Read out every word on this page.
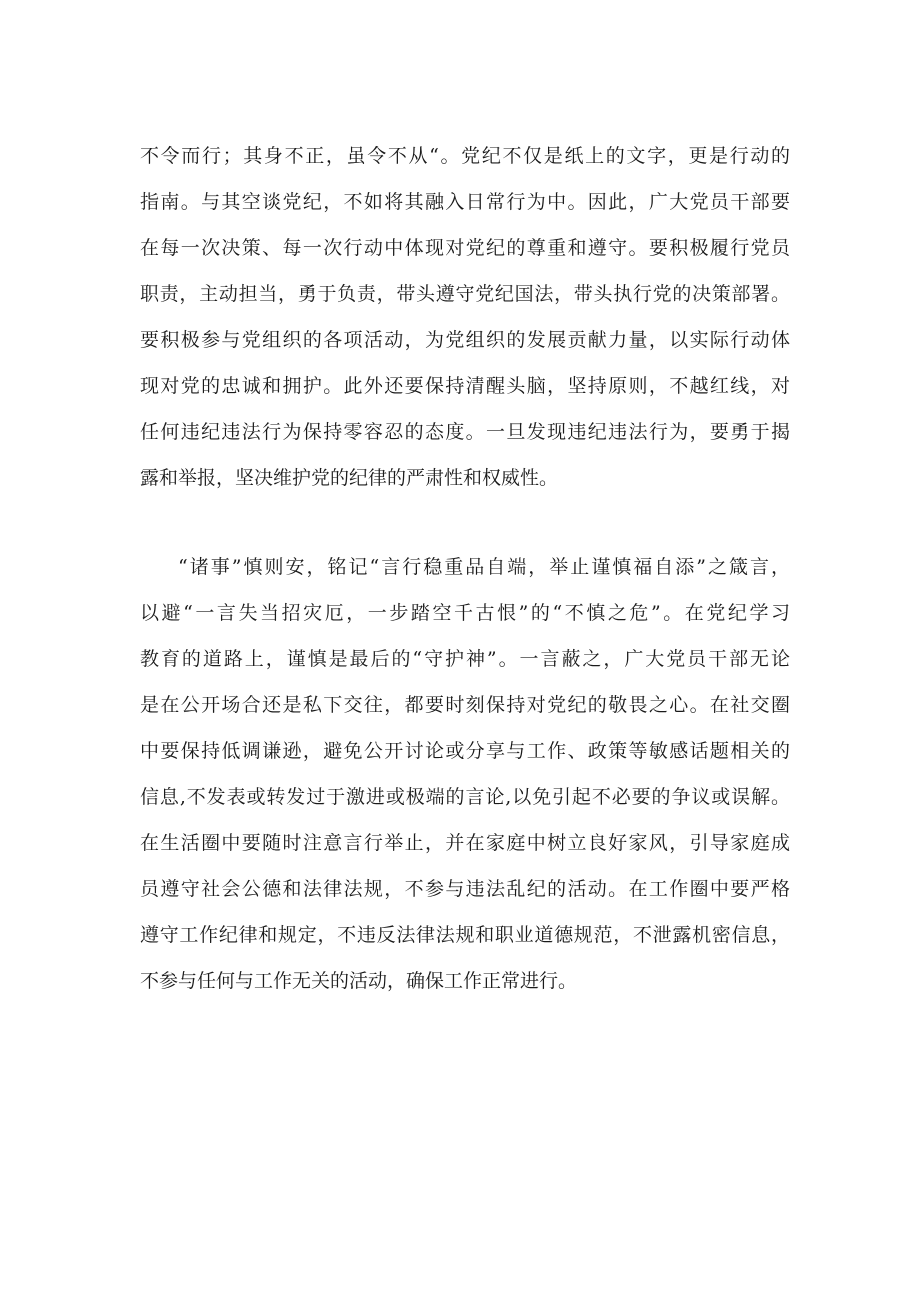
不令而行；其身不正，虽令不从“。党纪不仅是纸上的文字，更是行动的
指南。与其空谈党纪，不如将其融入日常行为中。因此，广大党员干部要
在每一次决策、每一次行动中体现对党纪的尊重和遵守。要积极履行党员
职责，主动担当，勇于负责，带头遵守党纪国法，带头执行党的决策部署。
要积极参与党组织的各项活动，为党组织的发展贡献力量，以实际行动体
现对党的忠诚和拥护。此外还要保持清醒头脑，坚持原则，不越红线，对
任何违纪违法行为保持零容忍的态度。一旦发现违纪违法行为，要勇于揭
露和举报，坚决维护党的纪律的严肃性和权威性。
“诸事”慎则安，铭记“言行稳重品自端，举止谨慎福自添”之箴言，
以避“一言失当招灾厄，一步踏空千古恨”的“不慎之危”。在党纪学习
教育的道路上，谨慎是最后的“守护神”。一言蔽之，广大党员干部无论
是在公开场合还是私下交往，都要时刻保持对党纪的敬畏之心。在社交圈
中要保持低调谦逊，避免公开讨论或分享与工作、政策等敏感话题相关的
信息,不发表或转发过于激进或极端的言论,以免引起不必要的争议或误解。
在生活圈中要随时注意言行举止，并在家庭中树立良好家风，引导家庭成
员遵守社会公德和法律法规，不参与违法乱纪的活动。在工作圈中要严格
遵守工作纪律和规定，不违反法律法规和职业道德规范，不泄露机密信息，
不参与任何与工作无关的活动，确保工作正常进行。
